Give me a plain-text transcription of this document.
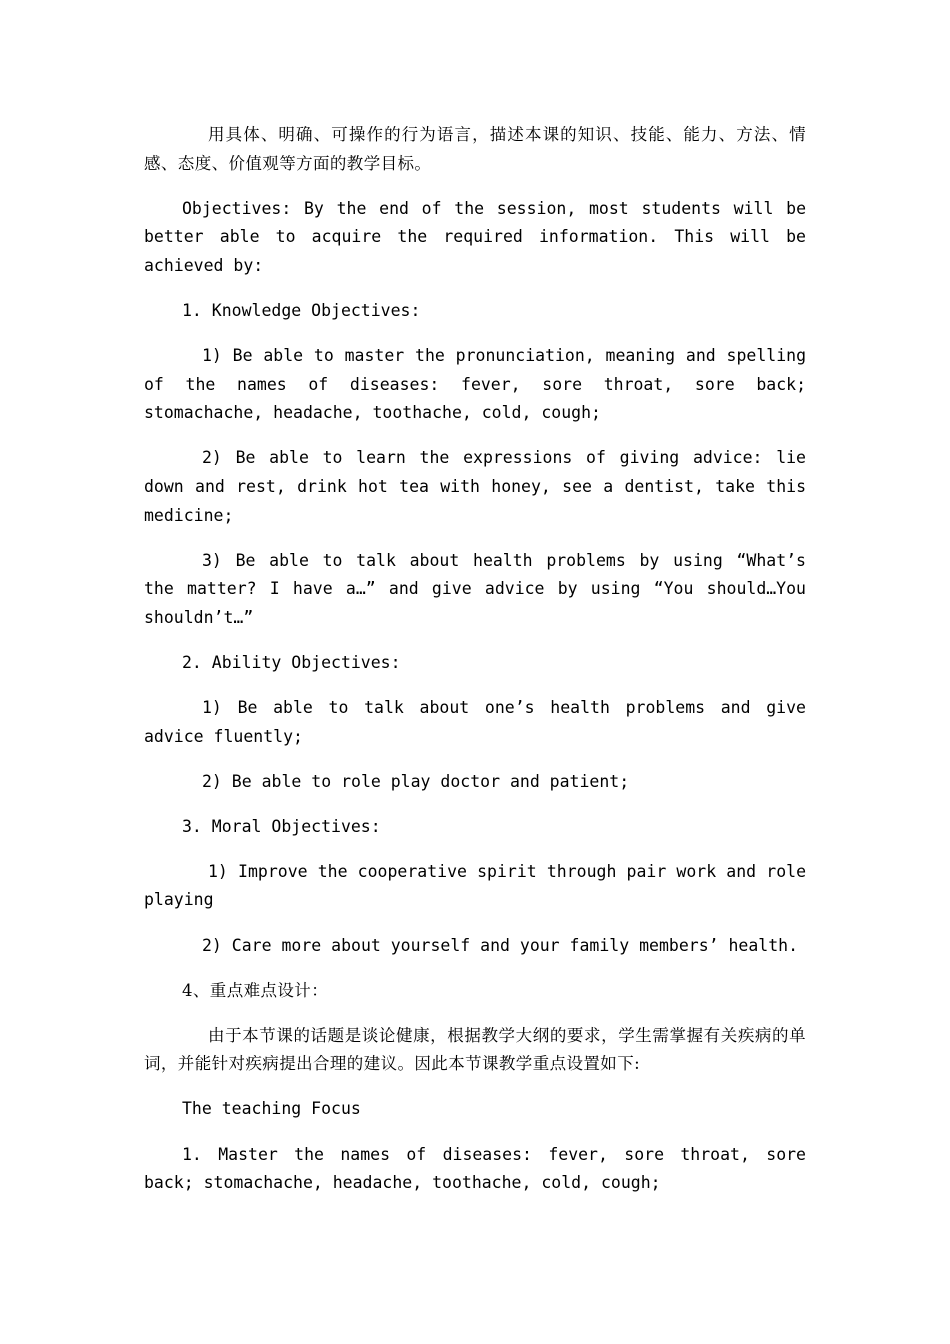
用具体、明确、可操作的行为语言，描述本课的知识、技能、能力、方法、情感、态度、价值观等方面的教学目标。

Objectives: By the end of the session, most students will be better able to acquire the required information. This will be achieved by:

1. Knowledge Objectives:

1) Be able to master the pronunciation, meaning and spelling of the names of diseases: fever, sore throat, sore back; stomachache, headache, toothache, cold, cough;

2) Be able to learn the expressions of giving advice: lie down and rest, drink hot tea with honey, see a dentist, take this medicine;

3) Be able to talk about health problems by using “What’s the matter? I have a…” and give advice by using “You should…You shouldn’t…”

2. Ability Objectives:

1) Be able to talk about one’s health problems and give advice fluently;

2) Be able to role play doctor and patient;

3. Moral Objectives:

1) Improve the cooperative spirit through pair work and role playing

2) Care more about yourself and your family members’ health.

4、重点难点设计：

由于本节课的话题是谈论健康，根据教学大纲的要求，学生需掌握有关疾病的单词，并能针对疾病提出合理的建议。因此本节课教学重点设置如下:

The teaching Focus

1. Master the names of diseases: fever, sore throat, sore back; stomachache, headache, toothache, cold, cough;
